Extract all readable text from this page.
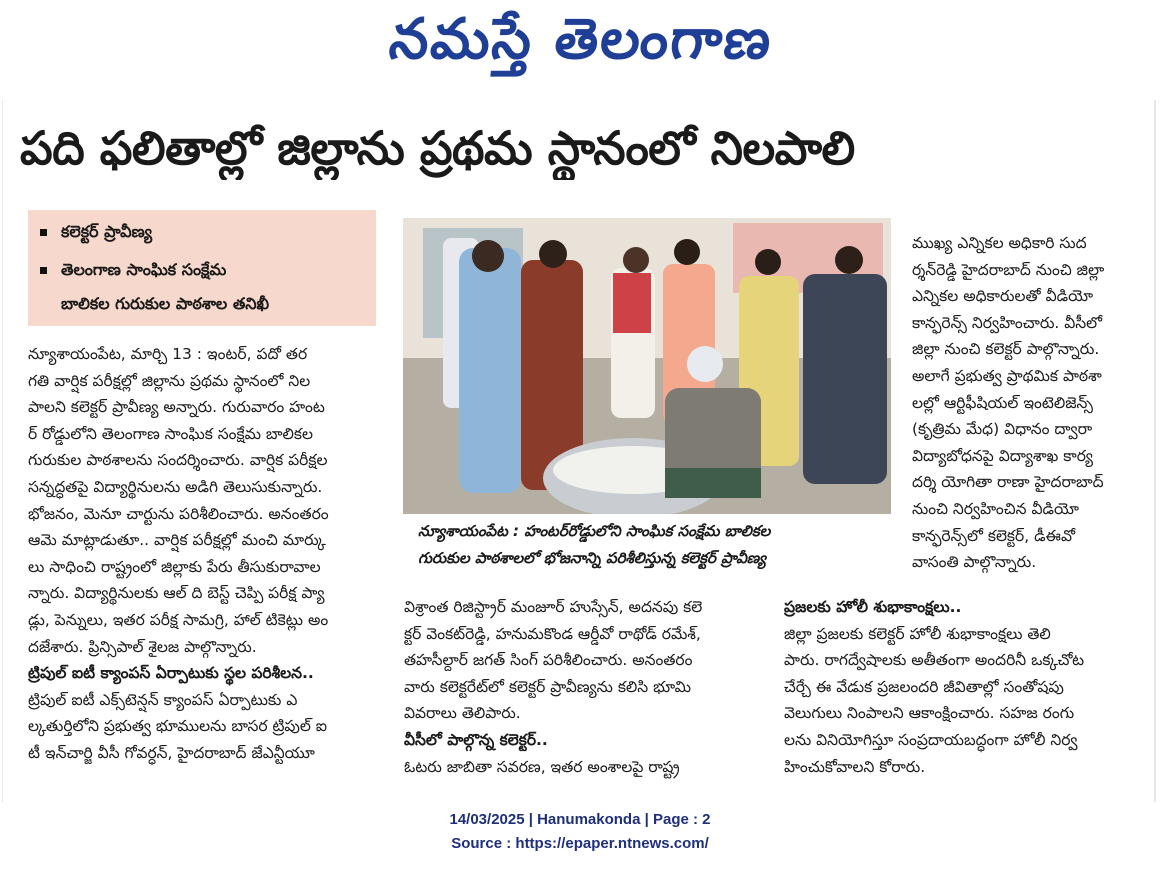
నమస్తే తెలంగాణ
పది ఫలితాల్లో జిల్లాను ప్రథమ స్థానంలో నిలపాలి
కలెక్టర్ ప్రావీణ్య
తెలంగాణ సాంఘిక సంక్షేమ
బాలికల గురుకుల పాఠశాల తనిఖీ

న్యూశాయంపేట, మార్చి 13 : ఇంటర్, పదో తర

గతి వార్షిక పరీక్షల్లో జిల్లాను ప్రథమ స్థానంలో నిల

పాలని కలెక్టర్ ప్రావీణ్య అన్నారు. గురువారం హంట

ర్ రోడ్డులోని తెలంగాణ సాంఘిక సంక్షేమ బాలికల

గురుకుల పాఠశాలను సందర్శించారు. వార్షిక పరీక్షల

సన్నద్ధతపై విద్యార్థినులను అడిగి తెలుసుకున్నారు.

భోజనం, మెనూ చార్టును పరిశీలించారు. అనంతరం

ఆమె మాట్లాడుతూ.. వార్షిక పరీక్షల్లో మంచి మార్కు

లు సాధించి రాష్ట్రంలో జిల్లాకు పేరు తీసుకురావాల

న్నారు. విద్యార్థినులకు ఆల్ ది బెస్ట్ చెప్పి పరీక్ష ప్యా

డ్లు, పెన్నులు, ఇతర పరీక్ష సామగ్రి, హాల్ టికెట్లు అం

దజేశారు. ప్రిన్సిపాల్ శైలజ పాల్గొన్నారు.

ట్రిపుల్ ఐటీ క్యాంపస్ ఏర్పాటుకు స్థల పరిశీలన..

ట్రిపుల్ ఐటీ ఎక్స్‌టెన్షన్ క్యాంపస్ ఏర్పాటుకు ఎ

ల్కతుర్తిలోని ప్రభుత్వ భూములను బాసర ట్రిపుల్ ఐ

టీ ఇన్‌చార్జి వీసీ గోవర్ధన్, హైదరాబాద్ జేఎన్టీయూ

న్యూశాయంపేట : హంటర్‌రోడ్డులోని సాంఘిక సంక్షేమ బాలికల

గురుకుల పాఠశాలలో భోజనాన్ని పరిశీలిస్తున్న కలెక్టర్ ప్రావీణ్య

విశ్రాంత రిజిస్ట్రార్ మంజూర్ హుస్సేన్, అదనపు కలె

క్టర్ వెంకట్‌రెడ్డి, హనుమకొండ ఆర్డీవో రాథోడ్ రమేశ్,

తహసీల్దార్ జగత్ సింగ్ పరిశీలించారు. అనంతరం

వారు కలెక్టరేట్‌లో కలెక్టర్ ప్రావీణ్యను కలిసి భూమి

వివరాలు తెలిపారు.

వీసీలో పాల్గొన్న కలెక్టర్..

ఓటరు జాబితా సవరణ, ఇతర అంశాలపై రాష్ట్ర

ముఖ్య ఎన్నికల అధికారి సుద

ర్శన్‌రెడ్డి హైదరాబాద్ నుంచి జిల్లా

ఎన్నికల అధికారులతో వీడియో

కాన్ఫరెన్స్ నిర్వహించారు. వీసీలో

జిల్లా నుంచి కలెక్టర్ పాల్గొన్నారు.

అలాగే ప్రభుత్వ ప్రాథమిక పాఠశా

లల్లో ఆర్టిఫీషియల్ ఇంటెలిజెన్స్

(కృత్రిమ మేధ) విధానం ద్వారా

విద్యాబోధనపై విద్యాశాఖ కార్య

దర్శి యోగితా రాణా హైదరాబాద్

నుంచి నిర్వహించిన వీడియో

కాన్ఫరెన్స్‌లో కలెక్టర్, డీఈవో

వాసంతి పాల్గొన్నారు.

ప్రజలకు హోలీ శుభాకాంక్షలు..

జిల్లా ప్రజలకు కలెక్టర్ హోలీ శుభాకాంక్షలు తెలి

పారు. రాగద్వేషాలకు అతీతంగా అందరినీ ఒక్కచోట

చేర్చే ఈ వేడుక ప్రజలందరి జీవితాల్లో సంతోషపు

వెలుగులు నింపాలని ఆకాంక్షించారు. సహజ రంగు

లను వినియోగిస్తూ సంప్రదాయబద్ధంగా హోలీ నిర్వ

హించుకోవాలని కోరారు.

14/03/2025 | Hanumakonda | Page : 2
Source : https://epaper.ntnews.com/
